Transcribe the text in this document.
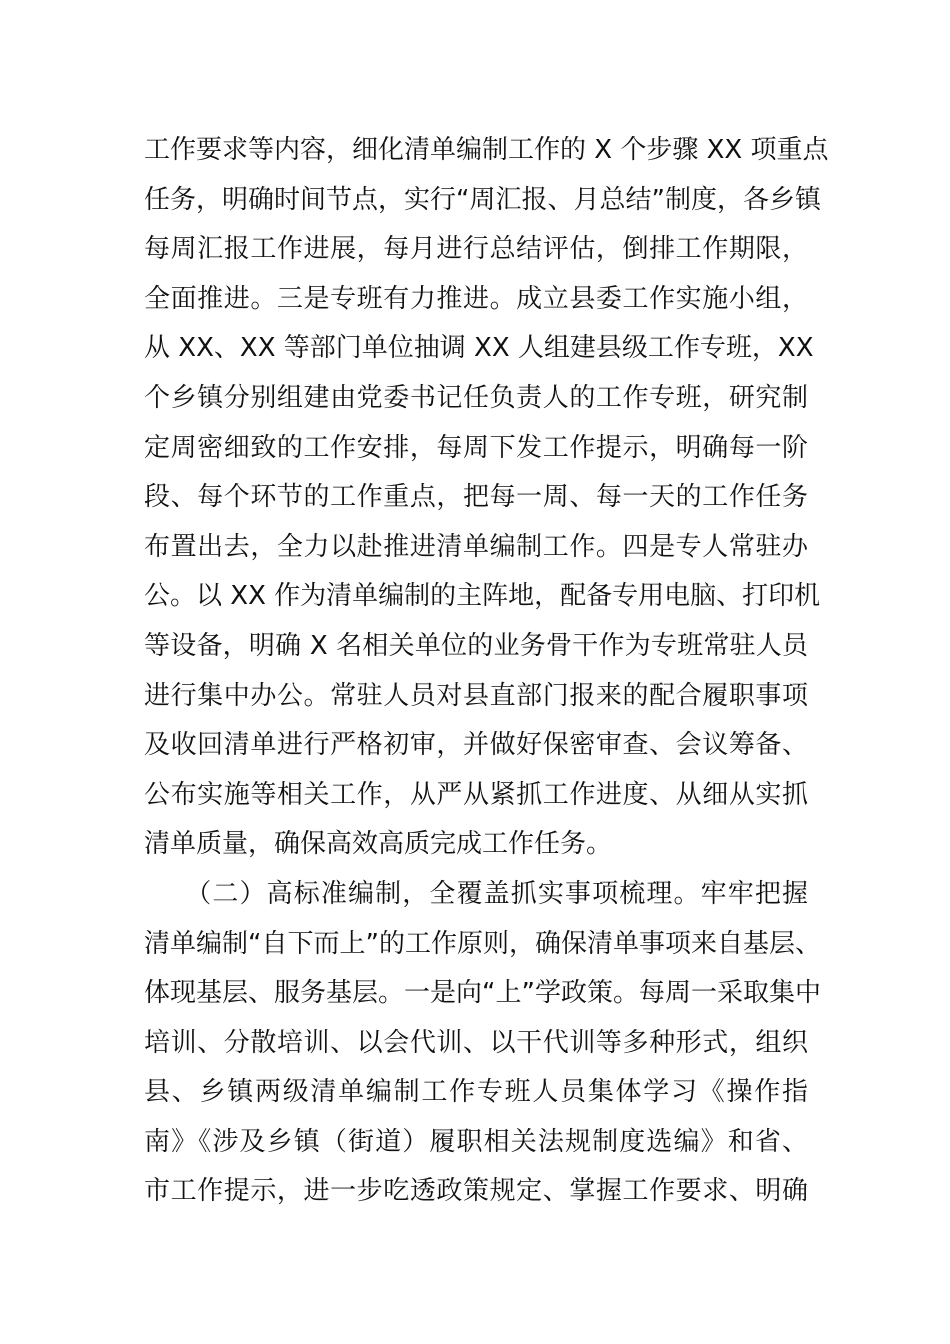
工作要求等内容，细化清单编制工作的 X 个步骤 XX 项重点
任务，明确时间节点，实行“周汇报、月总结”制度，各乡镇
每周汇报工作进展，每月进行总结评估，倒排工作期限，
全面推进。三是专班有力推进。成立县委工作实施小组，
从 XX、XX 等部门单位抽调 XX 人组建县级工作专班，XX
个乡镇分别组建由党委书记任负责人的工作专班，研究制
定周密细致的工作安排，每周下发工作提示，明确每一阶
段、每个环节的工作重点，把每一周、每一天的工作任务
布置出去，全力以赴推进清单编制工作。四是专人常驻办
公。以 XX 作为清单编制的主阵地，配备专用电脑、打印机
等设备，明确 X 名相关单位的业务骨干作为专班常驻人员
进行集中办公。常驻人员对县直部门报来的配合履职事项
及收回清单进行严格初审，并做好保密审查、会议筹备、
公布实施等相关工作，从严从紧抓工作进度、从细从实抓
清单质量，确保高效高质完成工作任务。
　　（二）高标准编制，全覆盖抓实事项梳理。牢牢把握
清单编制“自下而上”的工作原则，确保清单事项来自基层、
体现基层、服务基层。一是向“上”学政策。每周一采取集中
培训、分散培训、以会代训、以干代训等多种形式，组织
县、乡镇两级清单编制工作专班人员集体学习《操作指
南》《涉及乡镇（街道）履职相关法规制度选编》和省、
市工作提示，进一步吃透政策规定、掌握工作要求、明确
